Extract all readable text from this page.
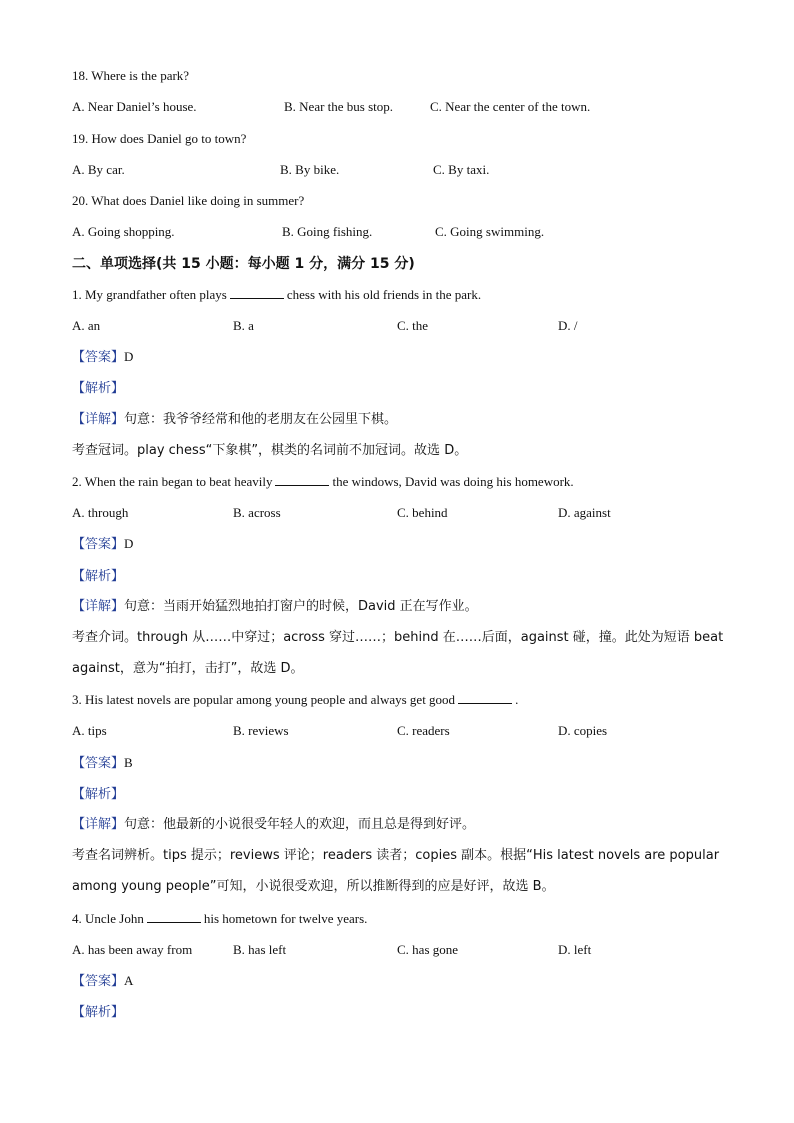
18. Where is the park?
A. Near Daniel’s house.	B. Near the bus stop.	C. Near the center of the town.
19. How does Daniel go to town?
A. By car.	B. By bike.	C. By taxi.
20. What does Daniel like doing in summer?
A. Going shopping.	B. Going fishing.	C. Going swimming.
二、单项选择(共 15 小题：每小题 1 分，满分 15 分)
1. My grandfather often plays	chess with his old friends in the park.
A. an	B. a	C. the	D. /
【答案】D
【解析】
【详解】句意：我爷爷经常和他的老朋友在公园里下棋。
考查冠词。play chess“下象棋”，棋类的名词前不加冠词。故选 D。
2. When the rain began to beat heavily	the windows, David was doing his homework.
A. through	B. across	C. behind	D. against
【答案】D
【解析】
【详解】句意：当雨开始猛烈地拍打窗户的时候，David 正在写作业。
考查介词。through 从……中穿过；across 穿过……；behind 在……后面，against 碰，撞。此处为短语 beat
against，意为“拍打，击打”，故选 D。
3. His latest novels are popular among young people and always get good	.
A. tips	B. reviews	C. readers	D. copies
【答案】B
【解析】
【详解】句意：他最新的小说很受年轻人的欢迎，而且总是得到好评。
考查名词辨析。tips 提示；reviews 评论；readers 读者；copies 副本。根据“His latest novels are popular
among young people”可知，小说很受欢迎，所以推断得到的应是好评，故选 B。
4. Uncle John	his hometown for twelve years.
A. has been away from	B. has left	C. has gone	D. left
【答案】A
【解析】
